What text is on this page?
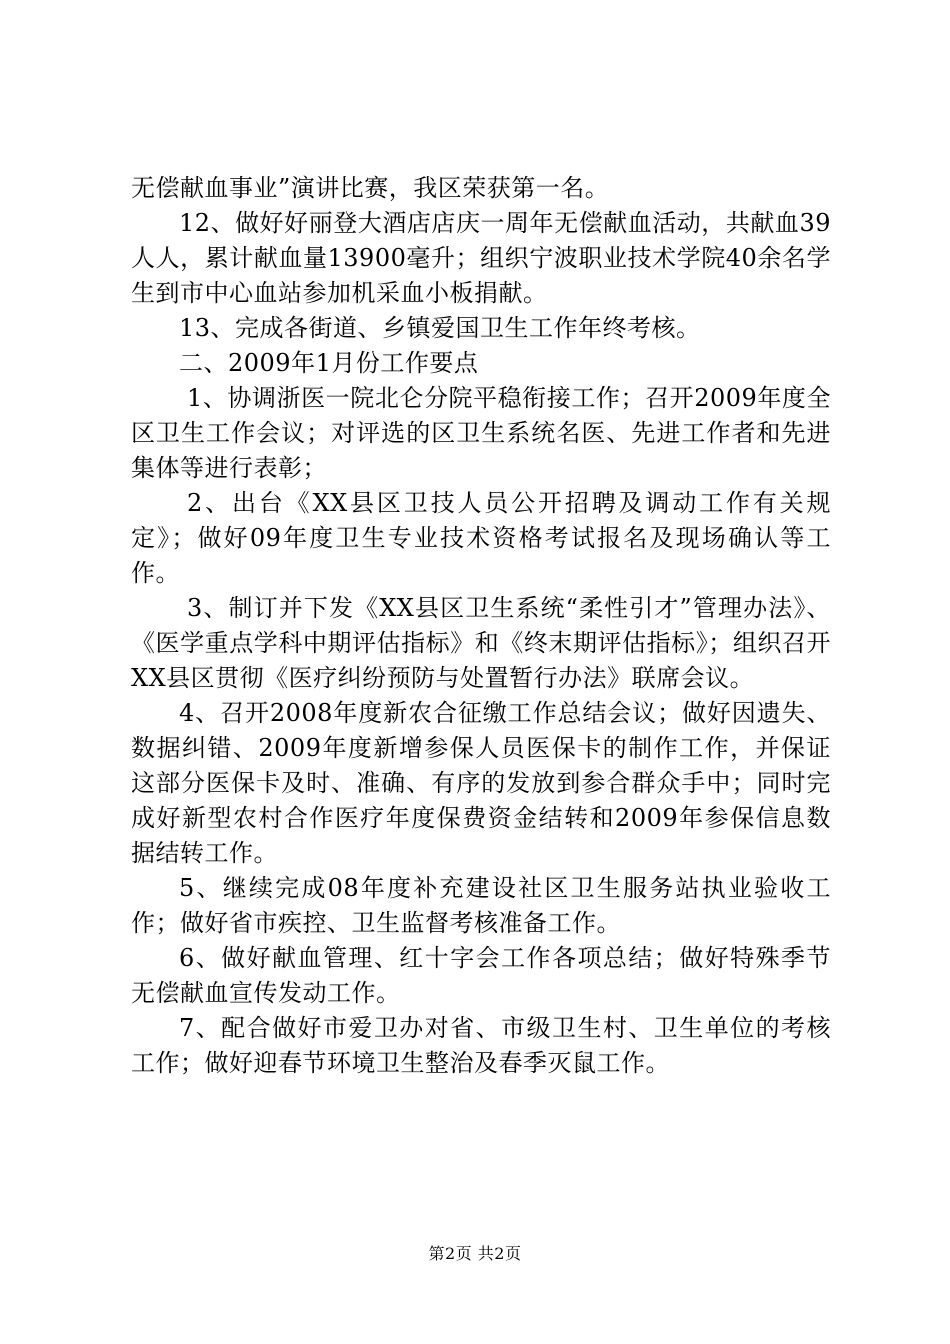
无偿献血事业”演讲比赛，我区荣获第一名。

12、做好好丽登大酒店店庆一周年无偿献血活动，共献血39人人，累计献血量13900毫升；组织宁波职业技术学院40余名学生到市中心血站参加机采血小板捐献。

13、完成各街道、乡镇爱国卫生工作年终考核。

二、2009年1月份工作要点

1、协调浙医一院北仑分院平稳衔接工作；召开2009年度全区卫生工作会议；对评选的区卫生系统名医、先进工作者和先进集体等进行表彰；

2、出台《XX县区卫技人员公开招聘及调动工作有关规定》；做好09年度卫生专业技术资格考试报名及现场确认等工作。

3、制订并下发《XX县区卫生系统“柔性引才”管理办法》、《医学重点学科中期评估指标》和《终末期评估指标》；组织召开XX县区贯彻《医疗纠纷预防与处置暂行办法》联席会议。

4、召开2008年度新农合征缴工作总结会议；做好因遗失、数据纠错、2009年度新增参保人员医保卡的制作工作，并保证这部分医保卡及时、准确、有序的发放到参合群众手中；同时完成好新型农村合作医疗年度保费资金结转和2009年参保信息数据结转工作。

5、继续完成08年度补充建设社区卫生服务站执业验收工作；做好省市疾控、卫生监督考核准备工作。

6、做好献血管理、红十字会工作各项总结；做好特殊季节无偿献血宣传发动工作。

7、配合做好市爱卫办对省、市级卫生村、卫生单位的考核工作；做好迎春节环境卫生整治及春季灭鼠工作。

第2页 共2页
